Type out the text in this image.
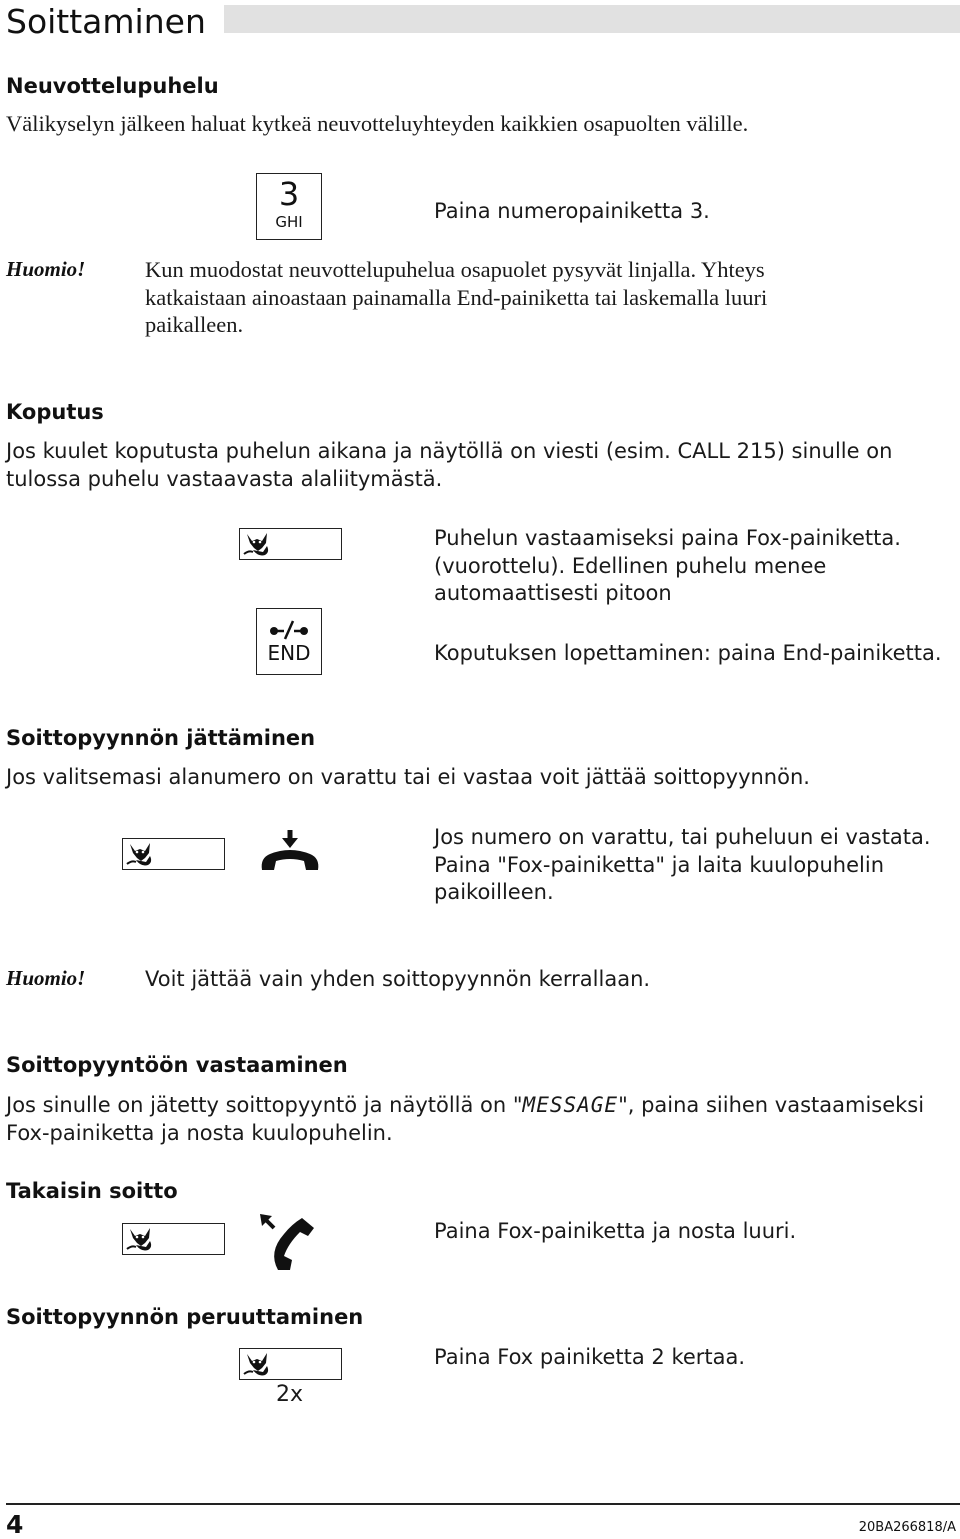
Soittaminen
Neuvottelupuhelu
Välikyselyn jälkeen haluat kytkeä neuvotteluyhteyden kaikkien osapuolten välille.
3
GHI	Paina numeropainiketta 3.
Huomio!	Kun muodostat neuvottelupuhelua osapuolet pysyvät linjalla. Yhteys
katkaistaan ainoastaan painamalla End-painiketta tai laskemalla luuri
paikalleen.
Koputus
Jos kuulet koputusta puhelun aikana ja näytöllä on viesti (esim. CALL 215) sinulle on
tulossa puhelu vastaavasta alaliitymästä.
Puhelun vastaamiseksi paina Fox-painiketta.
(vuorottelu). Edellinen puhelu menee
automaattisesti pitoon
END	Koputuksen lopettaminen: paina End-painiketta.
Soittopyynnön jättäminen
Jos valitsemasi alanumero on varattu tai ei vastaa voit jättää soittopyynnön.
Jos numero on varattu, tai puheluun ei vastata.
Paina "Fox-painiketta" ja laita kuulopuhelin
paikoilleen.
Huomio!	Voit jättää vain yhden soittopyynnön kerrallaan.
Soittopyyntöön vastaaminen
Jos sinulle on jätetty soittopyyntö ja näytöllä on "MESSAGE", paina siihen vastaamiseksi
Fox-painiketta ja nosta kuulopuhelin.
Takaisin soitto
Paina Fox-painiketta ja nosta luuri.
Soittopyynnön peruuttaminen
2x
Paina Fox painiketta 2 kertaa.
4	20BA266818/A
